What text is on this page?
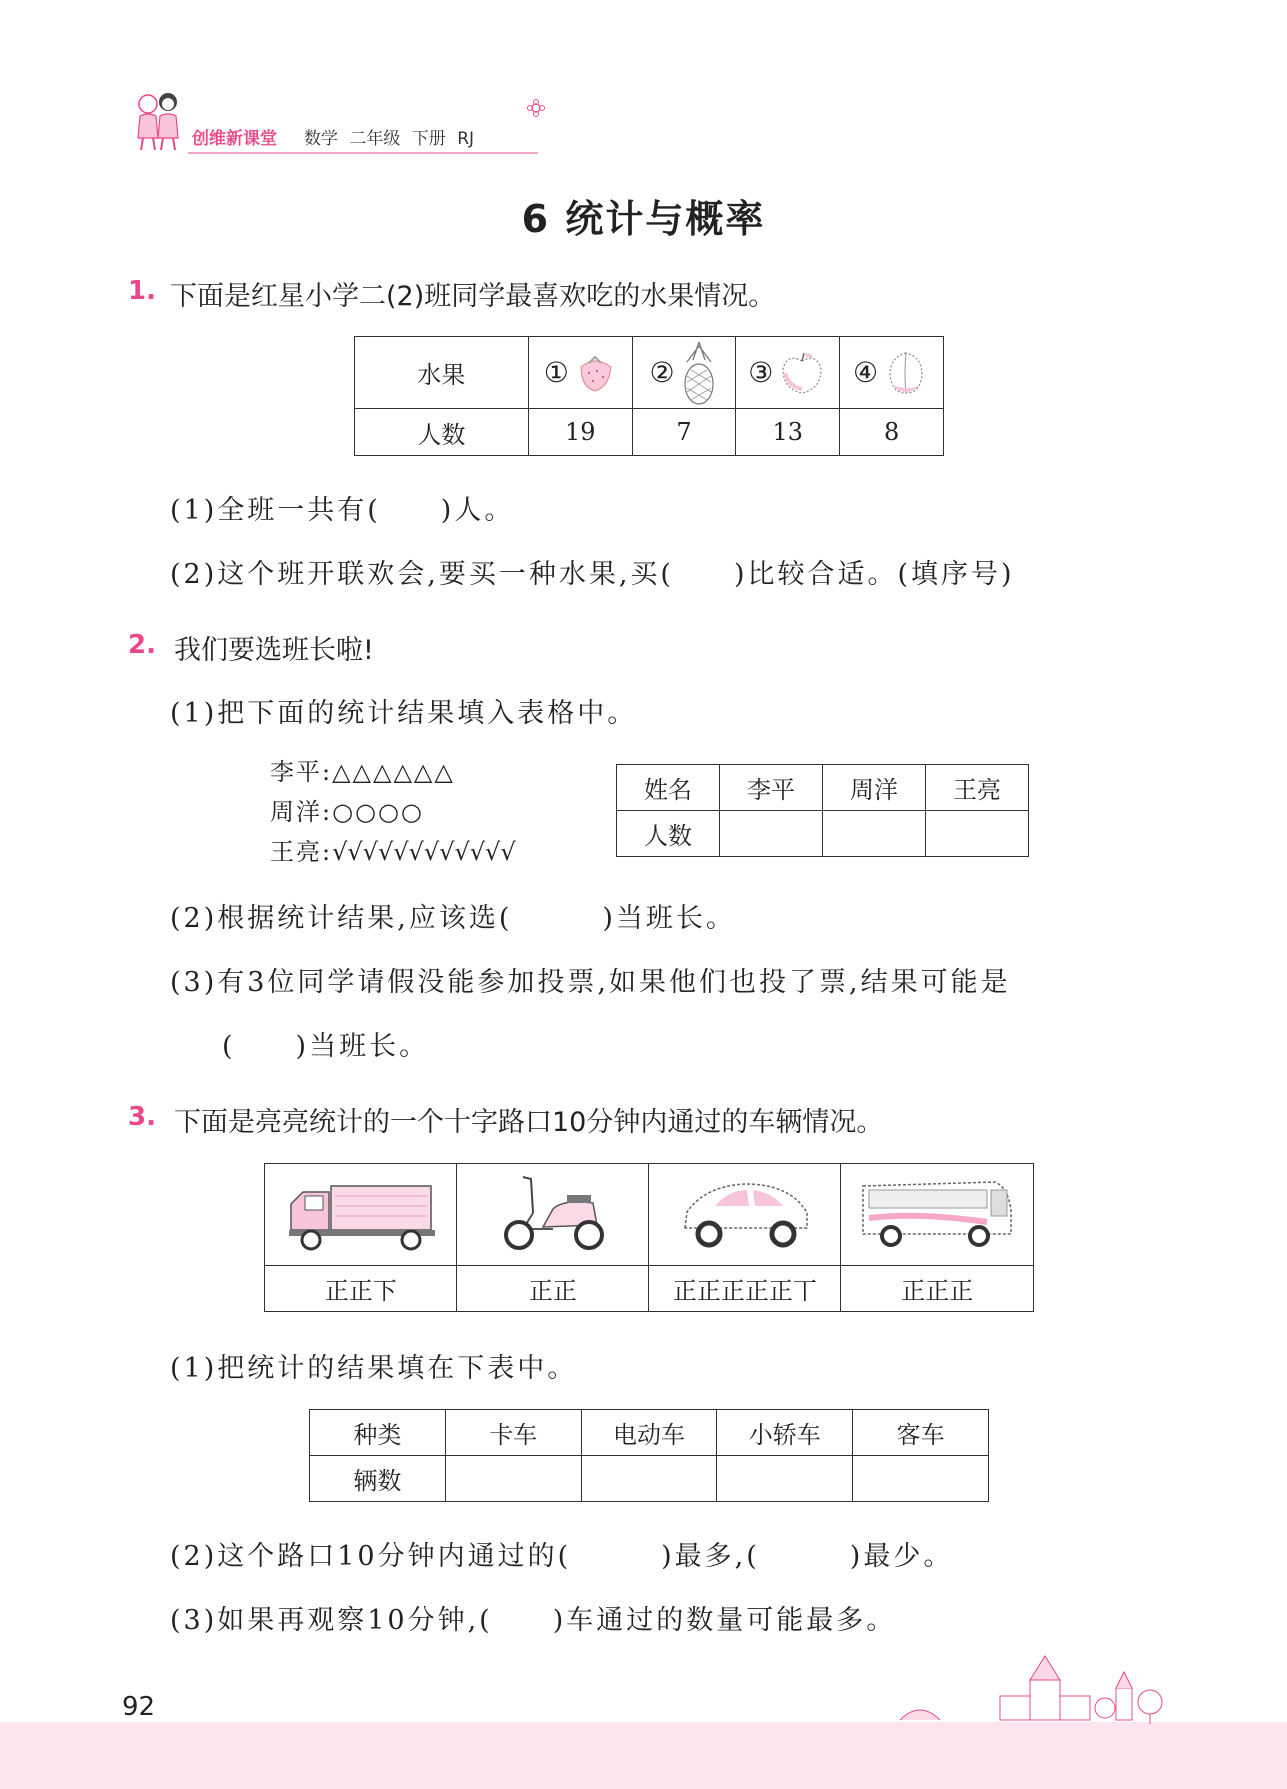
创维新课堂 数学 二年级 下册 RJ
6 统计与概率
1. 下面是红星小学二(2)班同学最喜欢吃的水果情况。
水果	①	②	③	④

人数	19	7	13	8
(1)全班一共有(　　)人。
(2)这个班开联欢会,要买一种水果,买(　　)比较合适。(填序号)
2. 我们要选班长啦!
(1)把下面的统计结果填入表格中。
李平:△△△△△△
周洋:○○○○
王亮:√√√√√√√√√√√√
姓名	李平	周洋	王亮
人数			
(2)根据统计结果,应该选(　　　)当班长。
(3)有3位同学请假没能参加投票,如果他们也投了票,结果可能是
(　　)当班长。
3. 下面是亮亮统计的一个十字路口10分钟内通过的车辆情况。

正正下	正正	正正正正正丅	正正正
(1)把统计的结果填在下表中。
种类	卡车	电动车	小轿车	客车
辆数				
(2)这个路口10分钟内通过的(　　　)最多,(　　　)最少。
(3)如果再观察10分钟,(　　)车通过的数量可能最多。
92
